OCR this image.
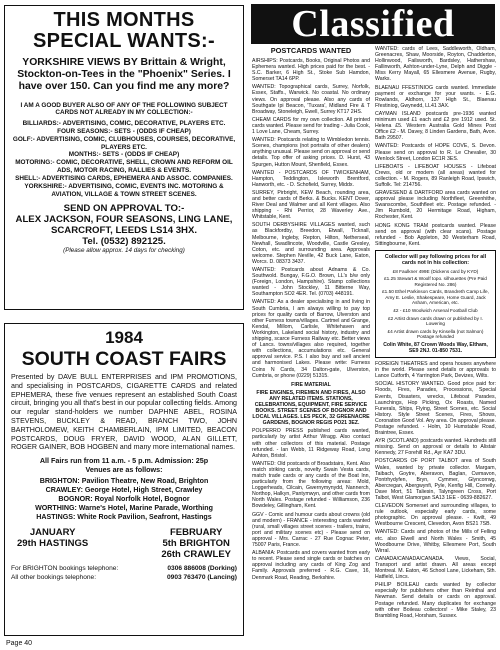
THIS MONTHS SPECIAL WANTS:-
YORKSHIRE VIEWS BY Brittain & Wright, Stockton-on-Tees in the "Phoenix" Series. I have over 150. Can you find me any more?
I AM A GOOD BUYER ALSO OF ANY OF THE FOLLOWING SUBJECT CARDS NOT ALREADY IN MY COLLECTION:-
BILLIARDS:- ADVERTISING, COMIC, DECORATIVE, PLAYERS ETC.
FOUR SEASONS:- SETS - (ODDS IF CHEAP)
GOLF:- ADVERTISING, COMIC, CLUBHOUSES, COURSES, DECORATIVE, PLAYERS ETC.
MONTHS:- SETS - (ODDS IF CHEAP)
MOTORING:- COMIC, DECORATIVE, SHELL, CROWN AND REFORM OIL ADS, MOTOR RACING, RALLIES & EVENTS.
SHELL:- ADVERTISING CARDS, EPHEMERA AND ASSOC. COMPANIES.
YORKSHIRE:- ADVERTISING, COMIC, EVENTS INC. MOTORING & AVIATION, VILLAGE & TOWN STREET SCENES.
SEND ON APPROVAL TO:-
ALEX JACKSON, FOUR SEASONS, LING LANE, SCARCROFT, LEEDS LS14 3HX.
Tel. (0532) 892125.
(Please allow approx. 14 days for checking)
1984
SOUTH COAST FAIRS
Presented by DAVE BULL ENTERPRISES and IPM PROMOTIONS, and specialising in POSTCARDS, CIGARETTE CARDS and related EPHEMERA, these five venues represent an established South Coast circuit, bringing you all that's best in our popular collecting fields. Among our regular stand-holders we number DAPHNE ABEL, ROSINA STEVENS, BUCKLEY & READ, BRANCH TWO, JOHN BARTHOLOMEW, KEITH CHAMBERLAIN, IPM LIMITED, BEACON POSTCARDS, DOUG FRYER, DAVID WOOD, ALAN GILLETT, ROGER GAINER, BOB HOGBEN and many more international names.
All Fairs run from 11 a.m. - 5 p.m. Admission: 25p
Venues are as follows:
BRIGHTON: Pavilion Theatre, New Road, Brighton
CRAWLEY: George Hotel, High Street, Crawley
BOGNOR: Royal Norfolk Hotel, Bognor
WORTHING: Warne's Hotel, Marine Parade, Worthing
HASTINGS: White Rock Pavilion, Seafront, Hastings
JANUARY
29th HASTINGS
FEBRUARY
5th BRIGHTON
26th CRAWLEY
For BRIGHTON bookings telephone:	0306 886008 (Dorking)
All other bookings telephone:	0903 763470 (Lancing)
Page 40
Classified
POSTCARDS WANTED

AIRSHIPS: Postcards, Books, Original Photos and Ephemera wanted. High prices paid for the best. - S.C. Barker, 6 High St., Stoke Sub Hamdon, Somerset TA14 6PP.

WANTED: Topographical cards, Surrey, Norfolk, Essex, Staffs., Warwick. No coastal. No ordinary views. On approval please. Also any cards of Southgate Ipi Beacon, 'Tuxara', Midland Fire & T Broadway, Stoneleigh, Ewell, Surrey KT17 2HS.

CHEAM CARDS for my own collection. All printed cards wanted. Please send for trading - Julia Cook, 1 Love Lane, Cheam, Surrey.

WANTED: Postcards relating to Wimbledon tennis. Scenes, champions (not portraits of other dealers) anything unusual. Please send on approval or send details. Top offer of asking prices. D. Hurst, 43 Spurgen, Hutton Mount, Shenfield, Essex.

WANTED - POSTCARDS OF TWICKENHAM, Hampton, Teddington, Isleworth Brentford, Hanworth, etc. - D. Schofield, Surrey, Middx.

SURREY, Pirbright, KEW Beach, rounding area, and better cards of Berks. & Bucks. KENT Dover, River Deal and Walmer and all Kent villages. Also shipping - Rhi Perrior, 28 Waverley Ave., Whitstable, Kent.

SOUTH DERBYSHIRE VILLAGES wanted, such as Blackfordby, Breedon, Etwall, Ticknall, Melbourne, Ingleby, Repton, Hilton, Netherseal, Newhall, Swadlincote, Woodville, Castle Gresley, Coton, etc. and surrounding area. Approvals welcome. Stephen Neville, 42 Buck Lane, Eaton, Worcs. D. 08373 3437.

WANTED: Postcards about Adnams & Co. Southwold. Bungay, F.G.O. Brown, LL's b/w only (Foreign, London, Hampshire). Stamp collections wanted - John Stockley, 11 Bitterne Way, Southampton SO2 4ER. Tel. (0703) 448191.

WANTED: As a dealer specialising in and living in South Cumbria, I am always willing to pay top prices for quality cards of Barrow, Ulverston and other Furness towns/villages. Cartmel and Grange, Kendal, Millom, Carlisle, Whitehaven and Workington, Lakeland social history, industry and shipping, scarce Furness Railway etc. Better views of Lancs. towns/villages also required, together with collections, accumulations etc. General approval service. P.S. I also buy and sell ancient and harmonised Lakes. Please write: Furness Coins N Cards, 34 Dalton-gate, Ulverston, Cumbria, or phone (0229) 51315.

FIRE MATERIAL

FIRE ENGINES, FIREMEN AND FIRES, ALSO ANY RELATED ITEMS. STATIONS, CELEBRATIONS, EQUIPMENT, FIRE SERVICE BOOKS. STREET SCENES OF BOGNOR AND LOCAL VILLAGES. LES PECK, 32 GREENACRE GARDENS, BOGNOR REGIS PO21 3EZ.

POLPERRO PRESS published cards wanted, particularly by artist Arthur Wragg. Also contact with other collectors of this material. Postage refunded. - Ian Webb, 11 Ridgeway Road, Long Ashton, Bristol.

WANTED: Old postcards of Broadstairs, Kent. Also match striking cards, novelty Swain Vesta cards, match trade cards or any cards of the Boat Inn, particularly from the following areas: Mold, Loggerheads, Cilcain, Gwernymynydd, Nannerch, Northop, Halkyn, Pantymwyn, and other cards from North Wales. Postage refunded - Williamson, 236 Bowdeley, Gillingham, Kent.

GGV - Comic and humour cards about crowns (old and modern) - FRANCE - interesting cards wanted (rural, small villages street scenes - trailers, trains, port and military scenes etc) - Please send on approval - Mrs. Carrac - 27 Rue Cognac Peter, 75007 Paris, France.

ALBANIA: Postcards and covers wanted from early to recent. Please send single cards or batches on approval including any cards of King Zog and Family. Approvals preferred - R.G. Cave, 16, Denmark Road, Reading, Berkshire.

WANTED: cards of Lees, Saddleworth, Oldham, Greenacres, Shaw, Moorside, Royton, Chadderton, Hollinwood, Failsworth, Bardsley, Hathershaw, Fallinworth, Ashton-under-Lyne, Delph and Diggle - Miss Kerry Mayall, 65 Ellesmere Avenue, Rugby, Warks.

BLAENAU FFESTINIOG cards wanted. Immediate payment or exchange for your wants. - E.G. Rowlands, Aldhorn, 137 High St., Blaenau Ffestiniog, Gwynedd, LL41 3AX.

CAYMAN ISLAND postcards pre-1936 wanted minimum used £1 each and £2 pre 1912 used. St. Helena £5. Western Australia Gold Mines Post Office £2 - M. Davey, 8 Linden Gardens, Bath, Avon. Bath 29507.

WANTED: Postcards of HOPE COVE, S. Devon. Please send on approval to R. Le Chevalier, 30 Wenlock Street, London EC1R 3ES.

LIFEBOATS - LIFEBOAT HOUSES - Lifeboat Crews, old or modern (all areas) wanted for collection. - M. Rogers, 89 Ranleigh Road, Ipswich, Suffolk. Tel: 214756.

GRAVESEND & DARTFORD area cards wanted on approval please including Northfleet, Greenhithe, Swanscombe, Southfleet etc. Postage refunded. - Jim Rumbold, 20 Hermitage Road, Higham, Rochester, Kent.

HONG KONG TRAM postcards wanted. Please send on approval (with clear scans). Postage refunded - Bob Appleton, 30 Westerham Road, Sittingbourne, Kent.

Collector will pay following prices for all cards not in his collection:

£8 Faulkner 499E (Dickens card by KYD)

£1.25 Stewart & Woolf topo. silhouettes (Pre Paid Registered No. 286)

£1.50 Ethel Parkinson Cards, Brandreth Camp Life, Amy E. Leslie, Shakespeare, Home Guard, Jack Asham, American, etc.

£2 - £10 Woolwich Arsenal Football Club

£2 Artist drawn cards drawn or published by I. Lowering

£4 Artist drawn cards by Kinsella (not Salmon) Postage refunded

Colin White, 87 Crown Woods Way, Eltham, SE9 2NJ. 01-850 7531.

FOREIGN THEATRES and opera houses anywhere in the world. Please send details or approvals to Lance Cutforth, 4 Yarrington Park, Devizes, Wilts.

SOCIAL HISTORY WANTED. Good price paid for: Floods, Fires, Parades, Processions, Special Events, Disasters, wrecks, Lifeboat Parades, Launchings, Hop Picking, Ox Roasts, Named Funerals, Ships, Flying, Street Scenes, etc. Social History. Style Street Scenes, Fires, Shows, Coronation Good Vol. Any area. On approval please. Postage refunded. - Holm, 10 Humstable Road, Braintree, Essex.

AYR (SCOTLAND) postcards wanted. Hundreds still missing. Send on approval or details to Alistair Kennedy, 27 Forehill Rd., Ayr KA7 3DU.

POSTCARDS OF PORT TALBOT area of South Wales, wanted by private collector. Margam, Taibach, Goytre, Aberavon, Baglan, Cwmavon, Pontrhydyfen, Bryn, Cymmer, Glyncorrwg, Abercregan, Abergwynfi, Pyle, Kenfig Hill, Cornelly. Dave Mort, 51 Taliesin, Talyngreen Cross, Port Talbot, West Glamorgan SA13 1EE - 0639-882627.

CLEVEDON Somerset and surrounding villages, to rule outlook, especially early cards, some photographic. On approval please. - Kwilt, 49 Westbourne Crescent, Clevedon, Avon BS21 7SB.

WANTED: Cards and photos of the Mills of Felling etc. also Elwell and North Wales - Smith, 45 Woodbourne Drive, Whitby, Ellesmere Port, South Wirral.

CANADA/CANADA/CANADA. Views, Social, Transport and artist drawn. All areas except Montreal. M. Eaton, 46 School Lane, Lickeham, Sth. Hatfield, Lincs.

PHILIP BOILEAU cards wanted by collector especially for publishers other than Reinthal and Newman. Send details or cards on approval. Postage refunded. Many duplicates for exchange with other Boileau collectors! - Mike Staley, 23 Brambling Road, Horsham, Sussex.
